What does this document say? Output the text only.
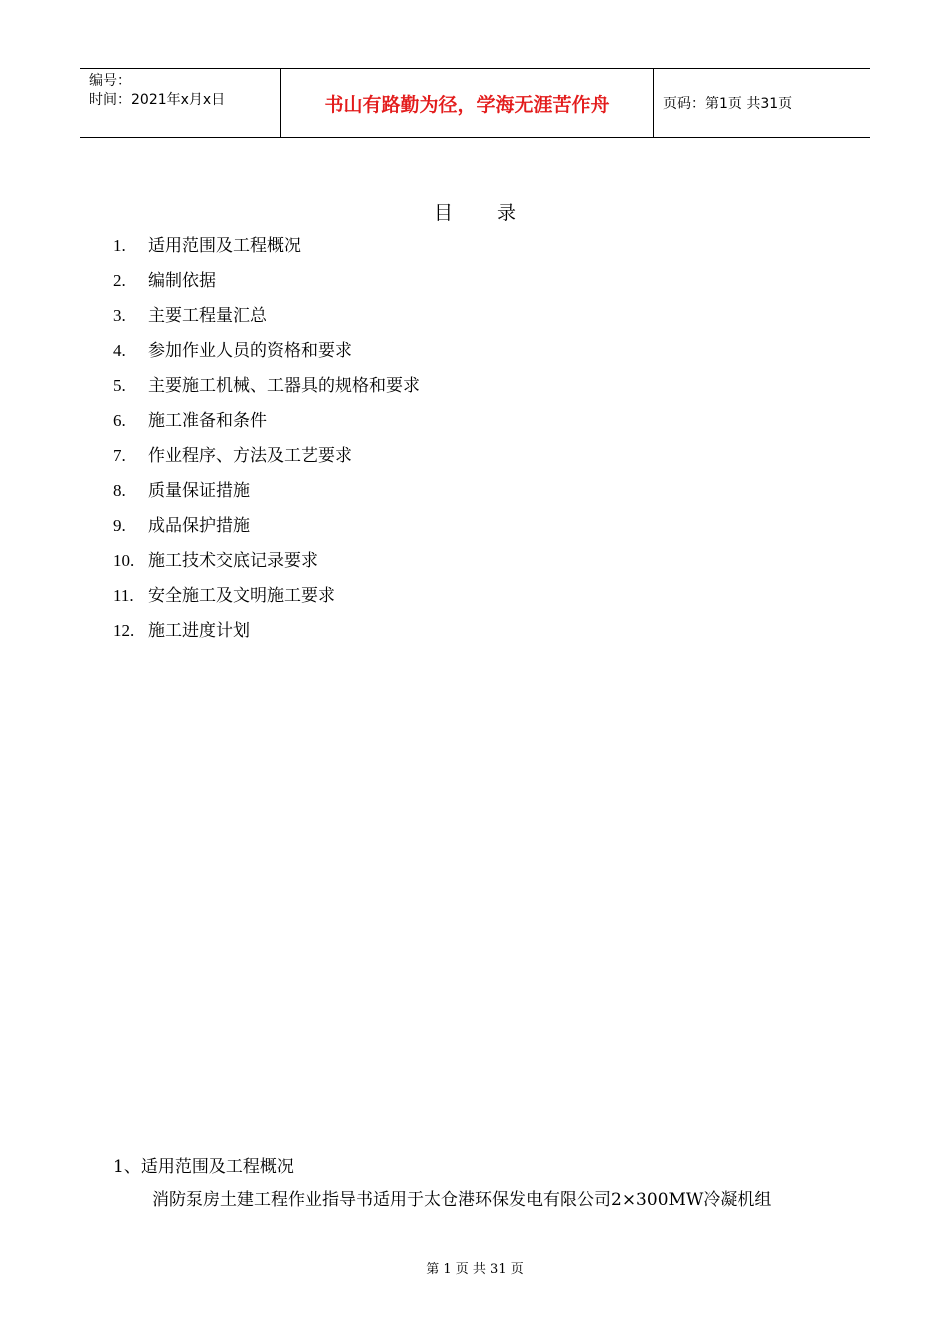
编号：
时间：2021年x月x日	书山有路勤为径，学海无涯苦作舟	页码：第1页 共31页
目 录
1.	适用范围及工程概况
2.	编制依据
3.	主要工程量汇总
4.	参加作业人员的资格和要求
5.	主要施工机械、工器具的规格和要求
6.	施工准备和条件
7.	作业程序、方法及工艺要求
8.	质量保证措施
9.	成品保护措施
10. 施工技术交底记录要求
11. 安全施工及文明施工要求
12. 施工进度计划
1、适用范围及工程概况
消防泵房土建工程作业指导书适用于太仓港环保发电有限公司2×300MW冷凝机组
第 1 页 共 31 页
